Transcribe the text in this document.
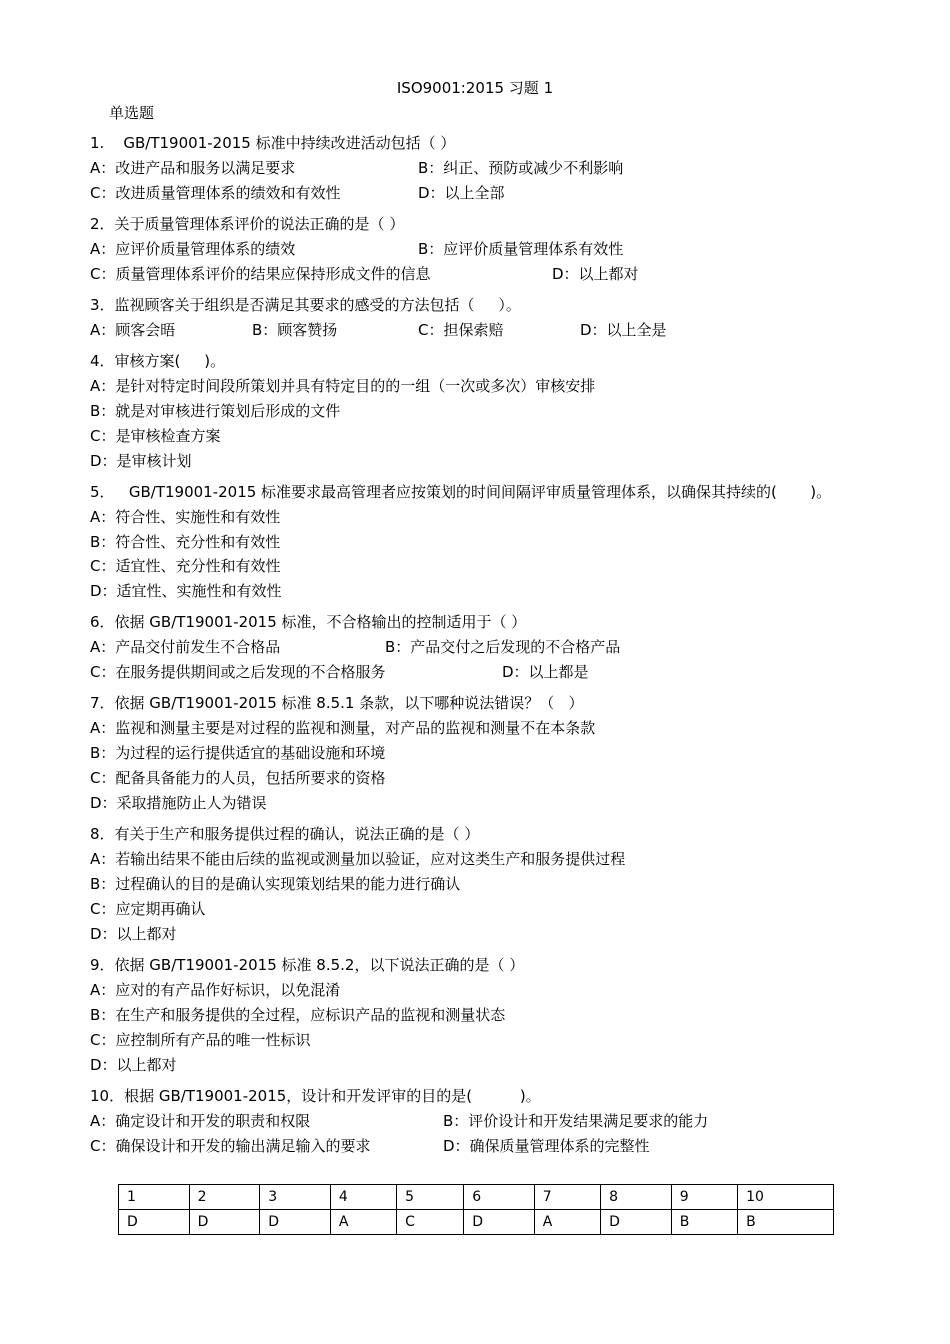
ISO9001:2015 习题 1
单选题
1.    GB/T19001-2015 标准中持续改进活动包括（ ）
A：改进产品和服务以满足要求	B：纠正、预防或减少不利影响
C：改进质量管理体系的绩效和有效性	D：以上全部
2．关于质量管理体系评价的说法正确的是（ ）
A：应评价质量管理体系的绩效	B：应评价质量管理体系有效性
C：质量管理体系评价的结果应保持形成文件的信息	D：以上都对
3．监视顾客关于组织是否满足其要求的感受的方法包括（     ）。
A：顾客会晤	B：顾客赞扬	C：担保索赔	D：以上全是
4．审核方案(     )。
A：是针对特定时间段所策划并具有特定目的的一组（一次或多次）审核安排
B：就是对审核进行策划后形成的文件
C：是审核检查方案
D：是审核计划
5．   GB/T19001-2015 标准要求最高管理者应按策划的时间间隔评审质量管理体系，以确保其持续的(       )。
A：符合性、实施性和有效性
B：符合性、充分性和有效性
C：适宜性、充分性和有效性
D：适宜性、实施性和有效性
6．依据 GB/T19001-2015 标准，不合格输出的控制适用于（ ）
A：产品交付前发生不合格品	B：产品交付之后发现的不合格产品
C：在服务提供期间或之后发现的不合格服务	D：以上都是
7．依据 GB/T19001-2015 标准 8.5.1 条款，以下哪种说法错误？（   ）
A：监视和测量主要是对过程的监视和测量，对产品的监视和测量不在本条款
B：为过程的运行提供适宜的基础设施和环境
C：配备具备能力的人员，包括所要求的资格
D：采取措施防止人为错误
8．有关于生产和服务提供过程的确认，说法正确的是（ ）
A：若输出结果不能由后续的监视或测量加以验证，应对这类生产和服务提供过程
B：过程确认的目的是确认实现策划结果的能力进行确认
C：应定期再确认
D：以上都对
9．依据 GB/T19001-2015 标准 8.5.2，以下说法正确的是（ ）
A：应对的有产品作好标识，以免混淆
B：在生产和服务提供的全过程，应标识产品的监视和测量状态
C：应控制所有产品的唯一性标识
D：以上都对
10．根据 GB/T19001-2015，设计和开发评审的目的是(          )。
A：确定设计和开发的职责和权限	B：评价设计和开发结果满足要求的能力
C：确保设计和开发的输出满足输入的要求	D：确保质量管理体系的完整性
1	2	3	4	5	6	7	8	9	10
D	D	D	A	C	D	A	D	B	B
